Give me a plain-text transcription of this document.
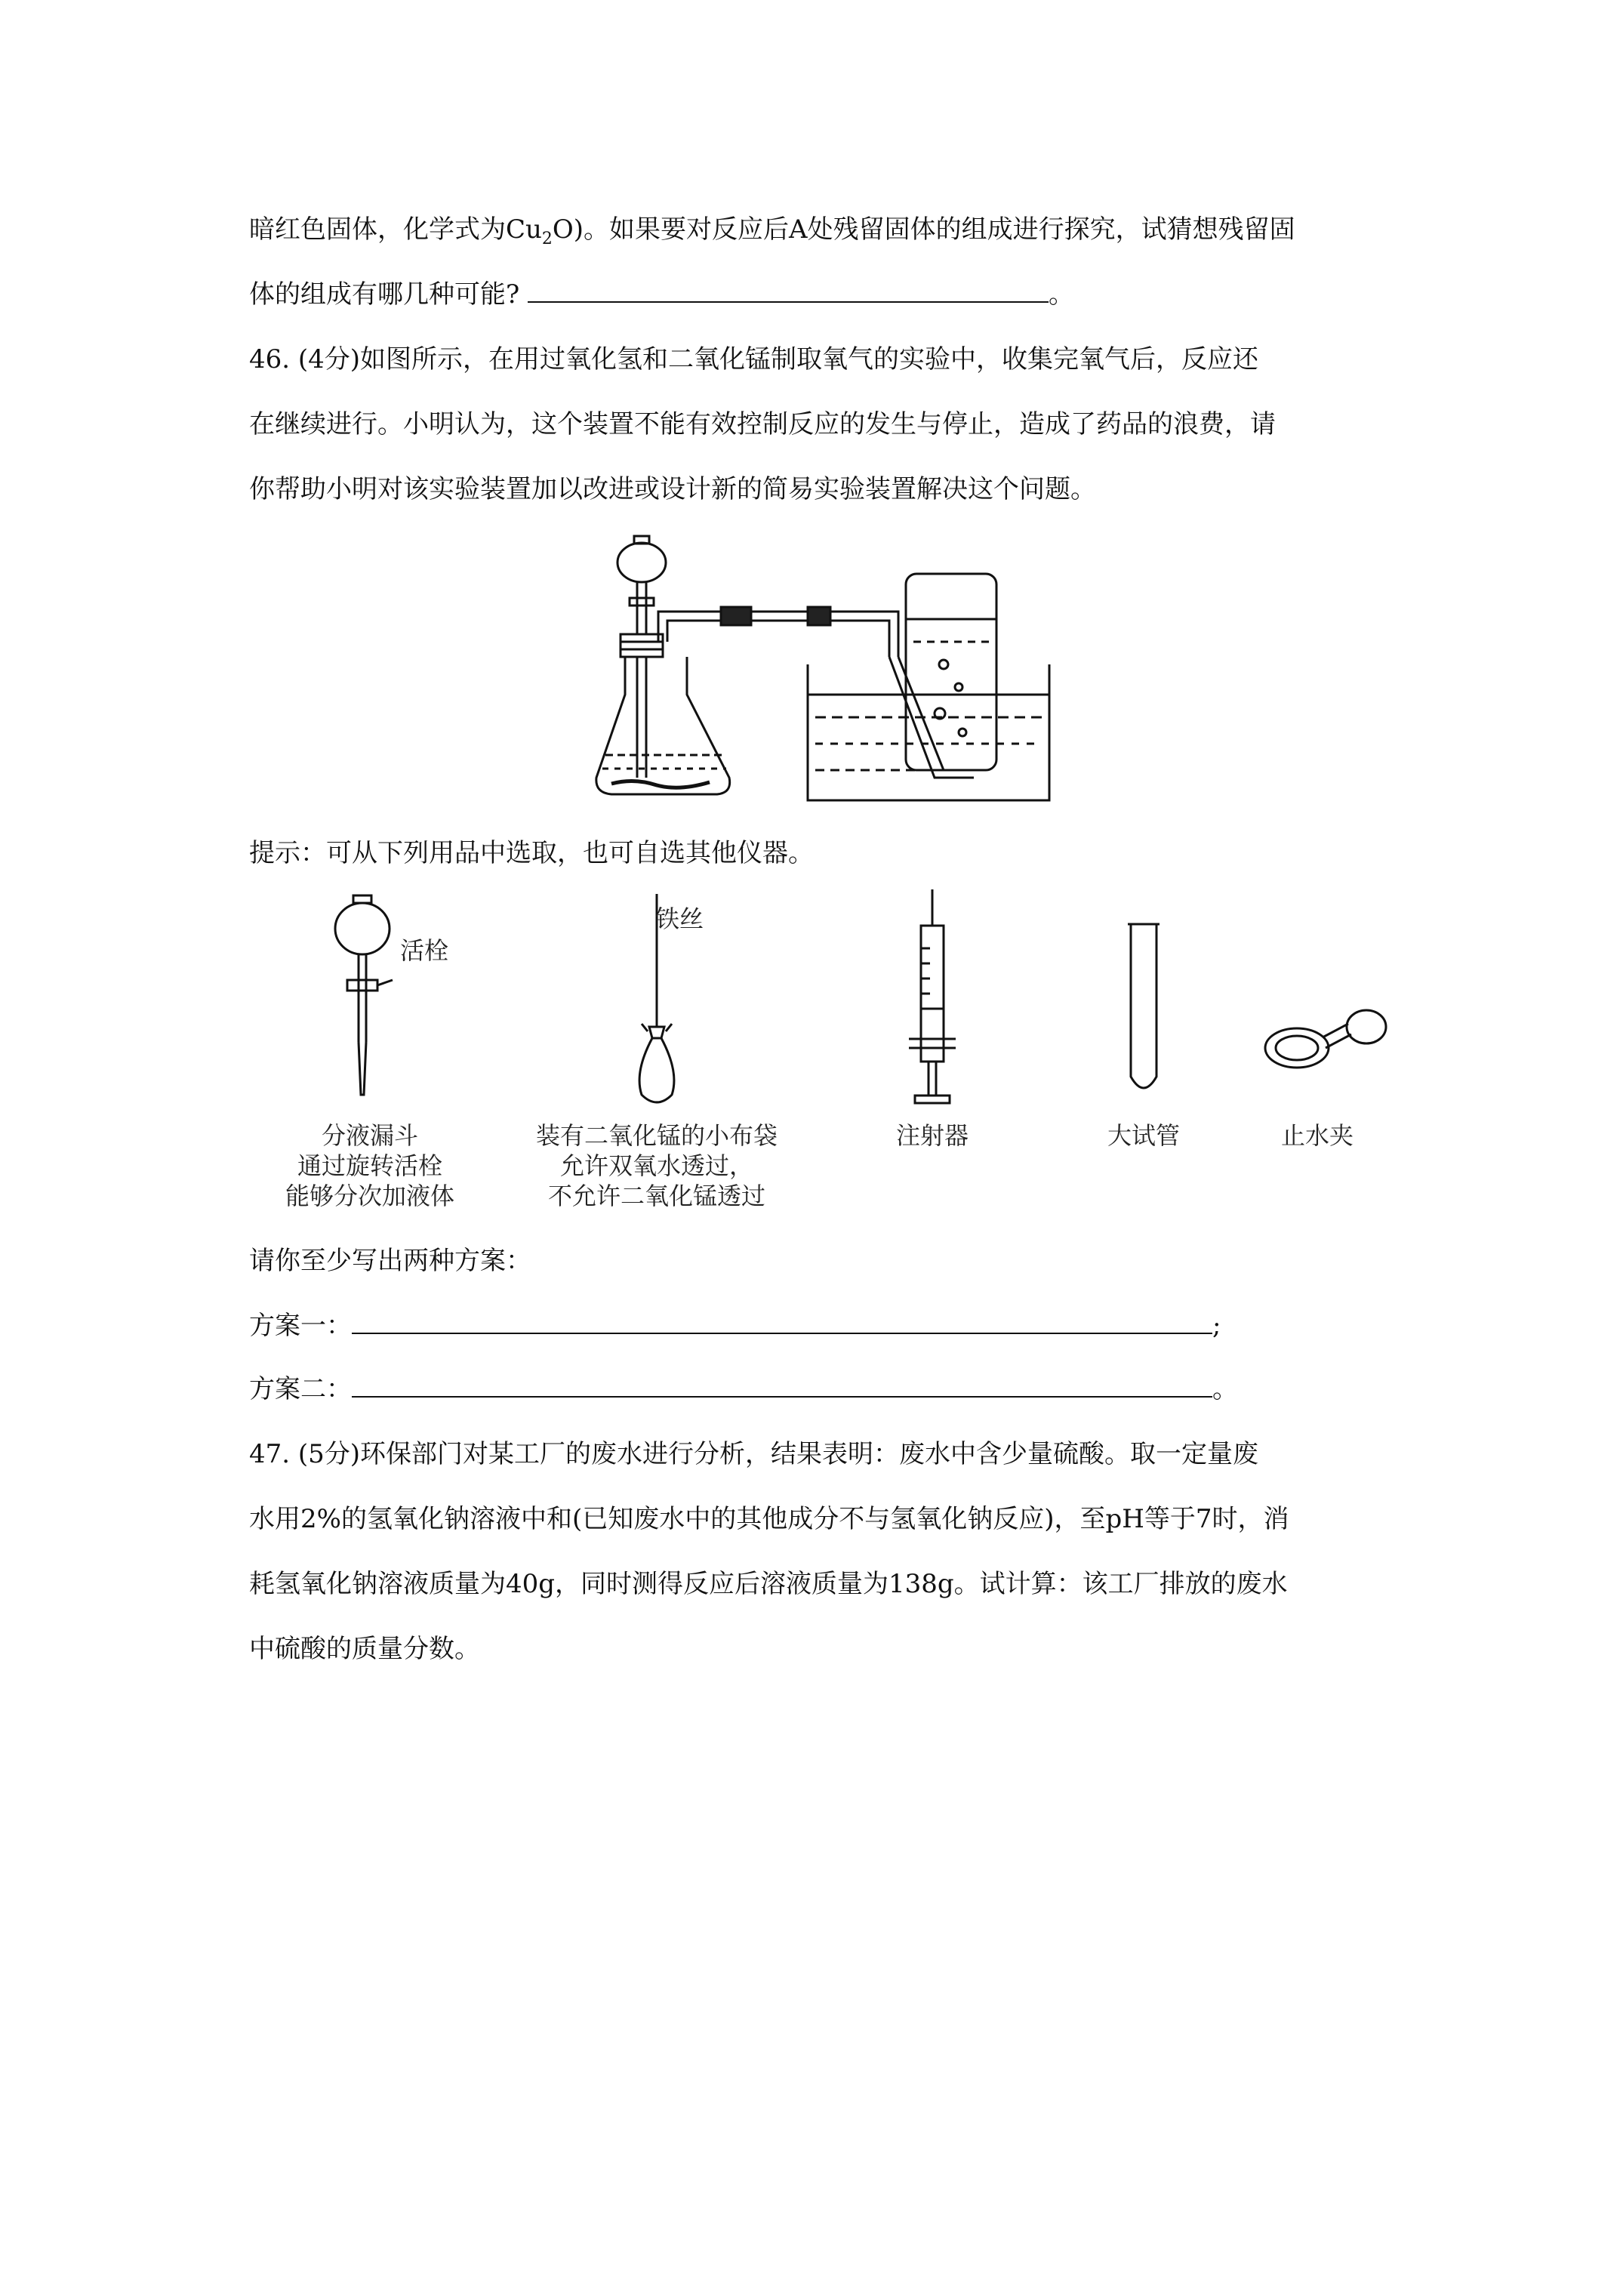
暗红色固体，化学式为$Cu_2O$)。如果要对反应后A处残留固体的组成进行探究，试猜想残留固
体的组成有哪几种可能?	。
46. (4分)如图所示，在用过氧化氢和二氧化锰制取氧气的实验中，收集完氧气后，反应还
在继续进行。小明认为，这个装置不能有效控制反应的发生与停止，造成了药品的浪费，请
你帮助小明对该实验装置加以改进或设计新的简易实验装置解决这个问题。
提示：可从下列用品中选取，也可自选其他仪器。
活栓
分液漏斗
通过旋转活栓
能够分次加液体
铁丝
装有二氧化锰的小布袋
允许双氧水透过，
不允许二氧化锰透过
注射器	大试管	止水夹
请你至少写出两种方案：
方案一：	;
方案二：	。
47. (5分)环保部门对某工厂的废水进行分析，结果表明：废水中含少量硫酸。取一定量废
水用2%的氢氧化钠溶液中和(已知废水中的其他成分不与氢氧化钠反应)，至pH等于7时，消
耗氢氧化钠溶液质量为40g，同时测得反应后溶液质量为138g。试计算：该工厂排放的废水
中硫酸的质量分数。
